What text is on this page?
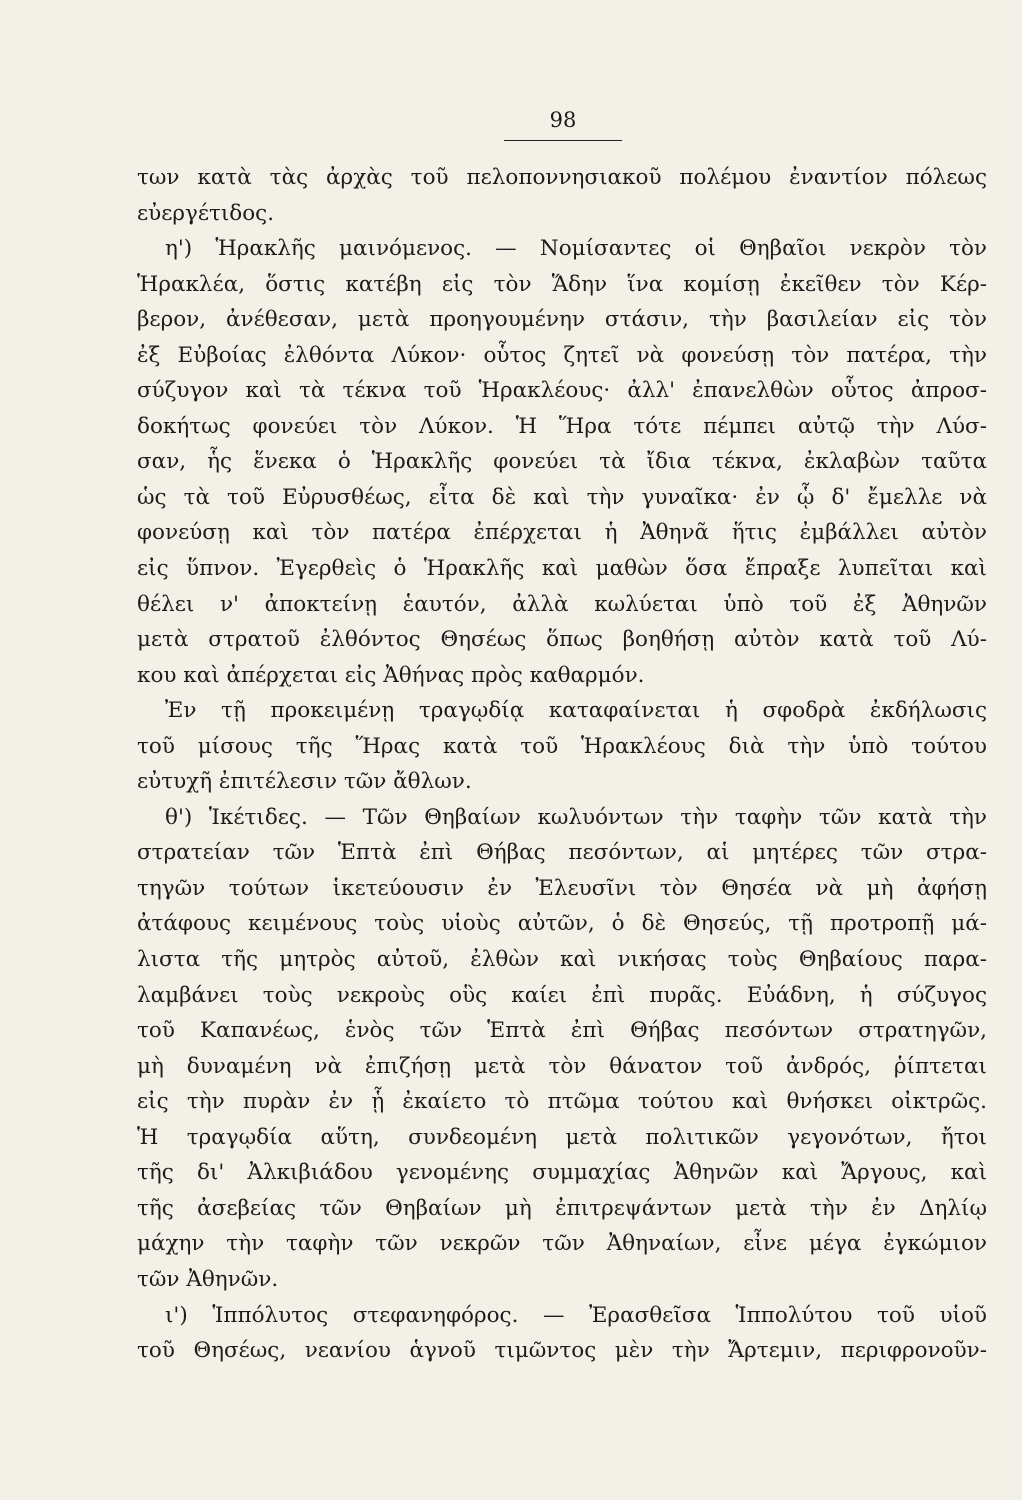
98
των κατὰ τὰς ἀρχὰς τοῦ πελοποννησιακοῦ πολέμου ἐναντίον πόλεως
εὐεργέτιδος.
η') Ἡρακλῆς μαινόμενος. — Νομίσαντες οἱ Θηβαῖοι νεκρὸν τὸν
Ἡρακλέα, ὅστις κατέβη εἰς τὸν Ἅδην ἵνα κομίσῃ ἐκεῖθεν τὸν Κέρ-
βερον, ἀνέθεσαν, μετὰ προηγουμένην στάσιν, τὴν βασιλείαν εἰς τὸν
ἐξ Εὐβοίας ἐλθόντα Λύκον· οὗτος ζητεῖ νὰ φονεύσῃ τὸν πατέρα, τὴν
σύζυγον καὶ τὰ τέκνα τοῦ Ἡρακλέους· ἀλλ' ἐπανελθὼν οὗτος ἀπροσ-
δοκήτως φονεύει τὸν Λύκον. Ἡ Ἥρα τότε πέμπει αὐτῷ τὴν Λύσ-
σαν, ἧς ἕνεκα ὁ Ἡρακλῆς φονεύει τὰ ἴδια τέκνα, ἐκλαβὼν ταῦτα
ὡς τὰ τοῦ Εὐρυσθέως, εἶτα δὲ καὶ τὴν γυναῖκα· ἐν ᾧ δ' ἔμελλε νὰ
φονεύσῃ καὶ τὸν πατέρα ἐπέρχεται ἡ Ἀθηνᾶ ἥτις ἐμβάλλει αὐτὸν
εἰς ὕπνον. Ἐγερθεὶς ὁ Ἡρακλῆς καὶ μαθὼν ὅσα ἔπραξε λυπεῖται καὶ
θέλει ν' ἀποκτείνῃ ἑαυτόν, ἀλλὰ κωλύεται ὑπὸ τοῦ ἐξ Ἀθηνῶν
μετὰ στρατοῦ ἐλθόντος Θησέως ὅπως βοηθήσῃ αὐτὸν κατὰ τοῦ Λύ-
κου καὶ ἀπέρχεται εἰς Ἀθήνας πρὸς καθαρμόν.
Ἐν τῇ προκειμένῃ τραγῳδίᾳ καταφαίνεται ἡ σφοδρὰ ἐκδήλωσις
τοῦ μίσους τῆς Ἥρας κατὰ τοῦ Ἡρακλέους διὰ τὴν ὑπὸ τούτου
εὐτυχῆ ἐπιτέλεσιν τῶν ἄθλων.
θ') Ἱκέτιδες. — Τῶν Θηβαίων κωλυόντων τὴν ταφὴν τῶν κατὰ τὴν
στρατείαν τῶν Ἑπτὰ ἐπὶ Θήβας πεσόντων, αἱ μητέρες τῶν στρα-
τηγῶν τούτων ἱκετεύουσιν ἐν Ἐλευσῖνι τὸν Θησέα νὰ μὴ ἀφήσῃ
ἀτάφους κειμένους τοὺς υἱοὺς αὐτῶν, ὁ δὲ Θησεύς, τῇ προτροπῇ μά-
λιστα τῆς μητρὸς αὐτοῦ, ἐλθὼν καὶ νικήσας τοὺς Θηβαίους παρα-
λαμβάνει τοὺς νεκροὺς οὓς καίει ἐπὶ πυρᾶς. Εὐάδνη, ἡ σύζυγος
τοῦ Καπανέως, ἑνὸς τῶν Ἑπτὰ ἐπὶ Θήβας πεσόντων στρατηγῶν,
μὴ δυναμένη νὰ ἐπιζήσῃ μετὰ τὸν θάνατον τοῦ ἀνδρός, ῥίπτεται
εἰς τὴν πυρὰν ἐν ᾗ ἐκαίετο τὸ πτῶμα τούτου καὶ θνήσκει οἰκτρῶς.
Ἡ τραγῳδία αὕτη, συνδεομένη μετὰ πολιτικῶν γεγονότων, ἤτοι
τῆς δι' Ἀλκιβιάδου γενομένης συμμαχίας Ἀθηνῶν καὶ Ἄργους, καὶ
τῆς ἀσεβείας τῶν Θηβαίων μὴ ἐπιτρεψάντων μετὰ τὴν ἐν Δηλίῳ
μάχην τὴν ταφὴν τῶν νεκρῶν τῶν Ἀθηναίων, εἶνε μέγα ἐγκώμιον
τῶν Ἀθηνῶν.
ι') Ἱππόλυτος στεφανηφόρος. — Ἐρασθεῖσα Ἱππολύτου τοῦ υἱοῦ
τοῦ Θησέως, νεανίου ἁγνοῦ τιμῶντος μὲν τὴν Ἄρτεμιν, περιφρονοῦν-
